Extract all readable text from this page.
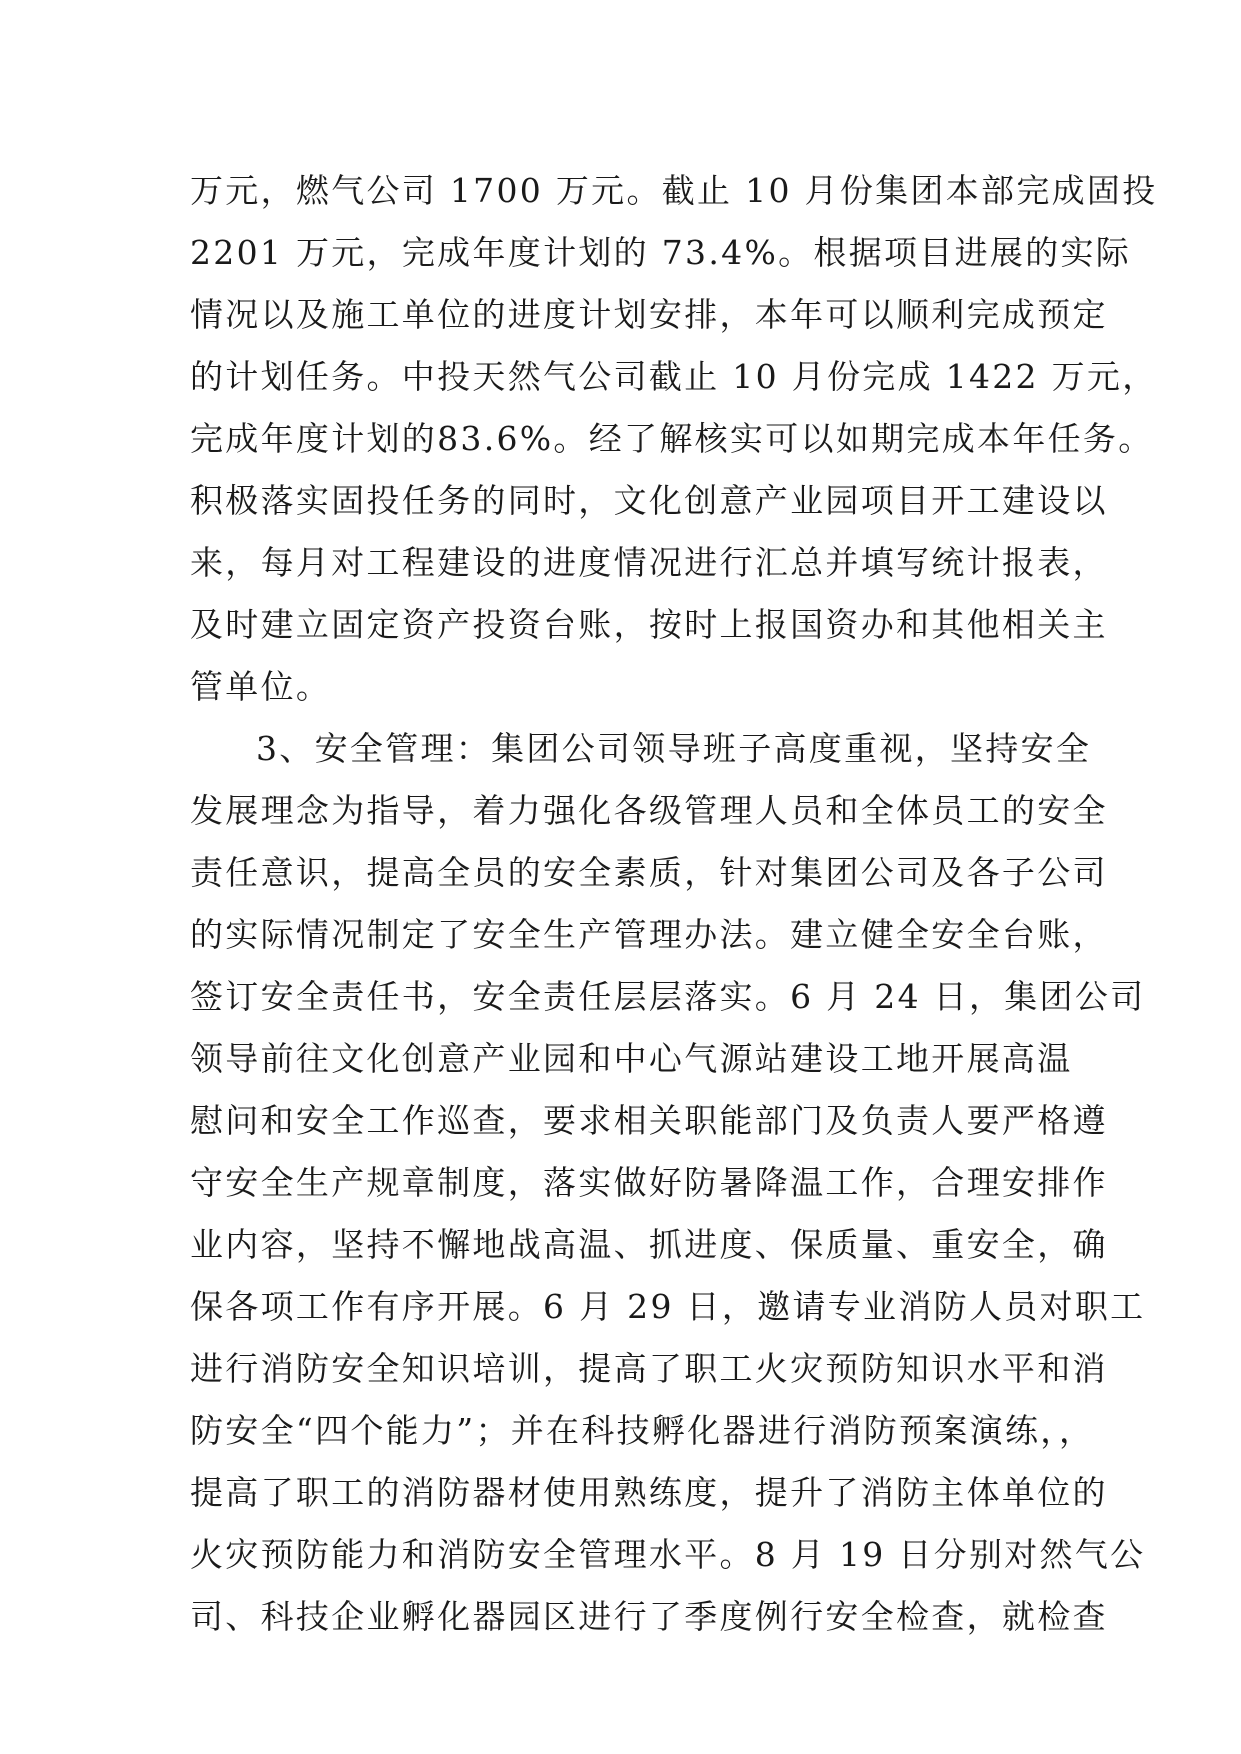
万元，燃气公司 1700 万元。截止 10 月份集团本部完成固投
2201 万元，完成年度计划的 73.4%。根据项目进展的实际
情况以及施工单位的进度计划安排，本年可以顺利完成预定
的计划任务。中投天然气公司截止 10 月份完成 1422 万元，
完成年度计划的83.6%。经了解核实可以如期完成本年任务。
积极落实固投任务的同时，文化创意产业园项目开工建设以
来，每月对工程建设的进度情况进行汇总并填写统计报表，
及时建立固定资产投资台账，按时上报国资办和其他相关主
管单位。
3、安全管理：集团公司领导班子高度重视，坚持安全
发展理念为指导，着力强化各级管理人员和全体员工的安全
责任意识，提高全员的安全素质，针对集团公司及各子公司
的实际情况制定了安全生产管理办法。建立健全安全台账，
签订安全责任书，安全责任层层落实。6 月 24 日，集团公司
领导前往文化创意产业园和中心气源站建设工地开展高温
慰问和安全工作巡查，要求相关职能部门及负责人要严格遵
守安全生产规章制度，落实做好防暑降温工作，合理安排作
业内容，坚持不懈地战高温、抓进度、保质量、重安全，确
保各项工作有序开展。6 月 29 日，邀请专业消防人员对职工
进行消防安全知识培训，提高了职工火灾预防知识水平和消
防安全“四个能力”；并在科技孵化器进行消防预案演练，，
提高了职工的消防器材使用熟练度，提升了消防主体单位的
火灾预防能力和消防安全管理水平。8 月 19 日分别对然气公
司、科技企业孵化器园区进行了季度例行安全检查，就检查
